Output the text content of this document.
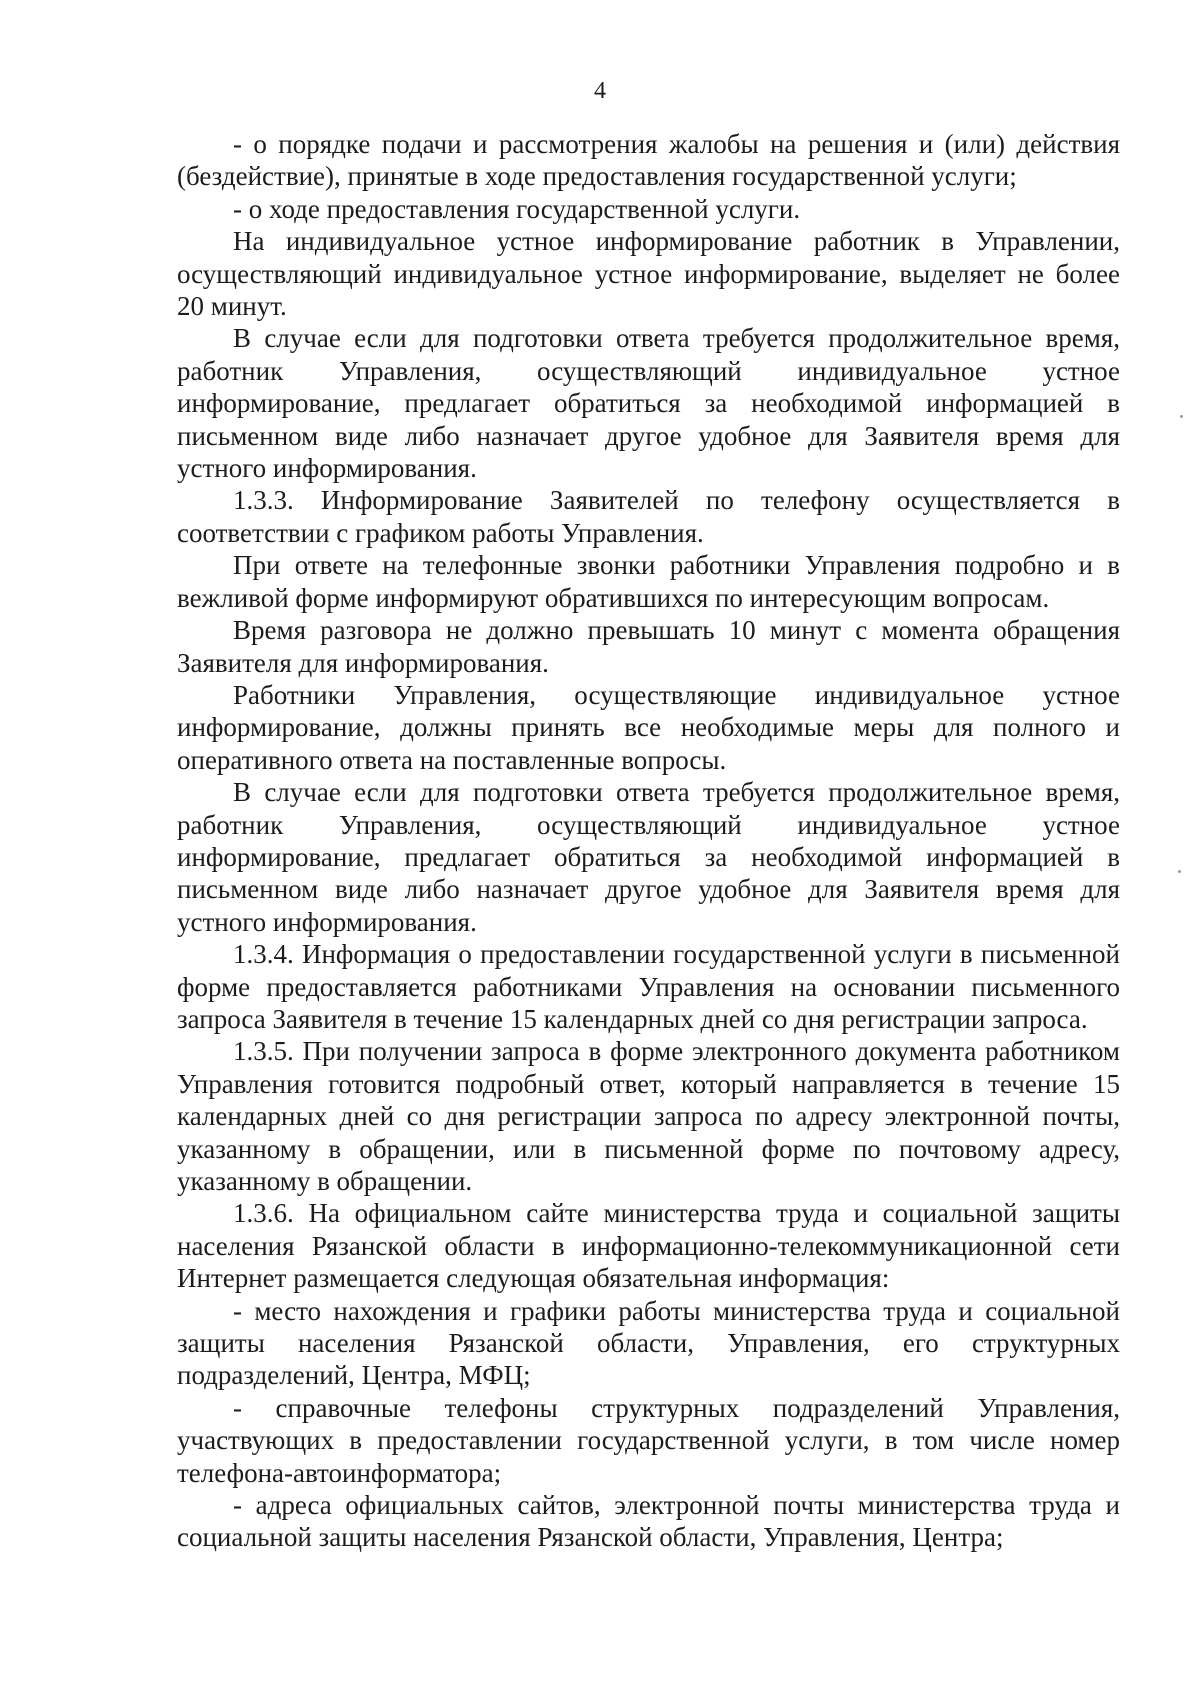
4

- о порядке подачи и рассмотрения жалобы на решения и (или) действия (бездействие), принятые в ходе предоставления государственной услуги;

- о ходе предоставления государственной услуги.

На индивидуальное устное информирование работник в Управлении, осуществляющий индивидуальное устное информирование, выделяет не более 20 минут.

В случае если для подготовки ответа требуется продолжительное время, работник Управления, осуществляющий индивидуальное устное информирование, предлагает обратиться за необходимой информацией в письменном виде либо назначает другое удобное для Заявителя время для устного информирования.

1.3.3. Информирование Заявителей по телефону осуществляется в соответствии с графиком работы Управления.

При ответе на телефонные звонки работники Управления подробно и в вежливой форме информируют обратившихся по интересующим вопросам.

Время разговора не должно превышать 10 минут с момента обращения Заявителя для информирования.

Работники Управления, осуществляющие индивидуальное устное информирование, должны принять все необходимые меры для полного и оперативного ответа на поставленные вопросы.

В случае если для подготовки ответа требуется продолжительное время, работник Управления, осуществляющий индивидуальное устное информирование, предлагает обратиться за необходимой информацией в письменном виде либо назначает другое удобное для Заявителя время для устного информирования.

1.3.4. Информация о предоставлении государственной услуги в письменной форме предоставляется работниками Управления на основании письменного запроса Заявителя в течение 15 календарных дней со дня регистрации запроса.

1.3.5. При получении запроса в форме электронного документа работником Управления готовится подробный ответ, который направляется в течение 15 календарных дней со дня регистрации запроса по адресу электронной почты, указанному в обращении, или в письменной форме по почтовому адресу, указанному в обращении.

1.3.6. На официальном сайте министерства труда и социальной защиты населения Рязанской области в информационно-телекоммуникационной сети Интернет размещается следующая обязательная информация:

- место нахождения и графики работы министерства труда и социальной защиты населения Рязанской области, Управления, его структурных подразделений, Центра, МФЦ;

- справочные телефоны структурных подразделений Управления, участвующих в предоставлении государственной услуги, в том числе номер телефона-автоинформатора;

- адреса официальных сайтов, электронной почты министерства труда и социальной защиты населения Рязанской области, Управления, Центра;
